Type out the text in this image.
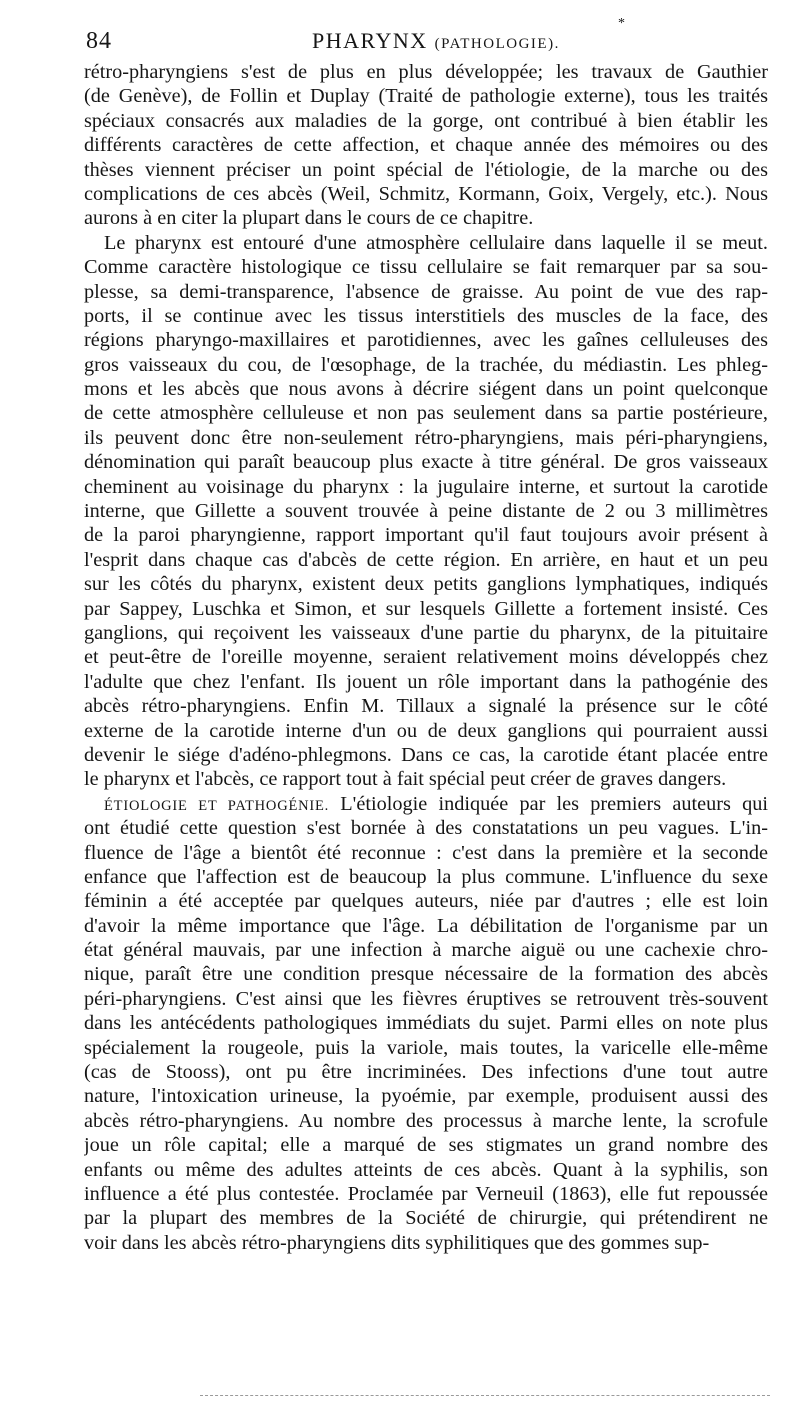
84	PHARYNX (PATHOLOGIE).
*
rétro-pharyngiens s'est de plus en plus développée; les travaux de Gauthier
(de Genève), de Follin et Duplay (Traité de pathologie externe), tous les traités
spéciaux consacrés aux maladies de la gorge, ont contribué à bien établir les
différents caractères de cette affection, et chaque année des mémoires ou des
thèses viennent préciser un point spécial de l'étiologie, de la marche ou des
complications de ces abcès (Weil, Schmitz, Kormann, Goix, Vergely, etc.). Nous
aurons à en citer la plupart dans le cours de ce chapitre.
Le pharynx est entouré d'une atmosphère cellulaire dans laquelle il se meut.
Comme caractère histologique ce tissu cellulaire se fait remarquer par sa sou-
plesse, sa demi-transparence, l'absence de graisse. Au point de vue des rap-
ports, il se continue avec les tissus interstitiels des muscles de la face, des
régions pharyngo-maxillaires et parotidiennes, avec les gaînes celluleuses des
gros vaisseaux du cou, de l'œsophage, de la trachée, du médiastin. Les phleg-
mons et les abcès que nous avons à décrire siégent dans un point quelconque
de cette atmosphère celluleuse et non pas seulement dans sa partie postérieure,
ils peuvent donc être non-seulement rétro-pharyngiens, mais péri-pharyngiens,
dénomination qui paraît beaucoup plus exacte à titre général. De gros vaisseaux
cheminent au voisinage du pharynx : la jugulaire interne, et surtout la carotide
interne, que Gillette a souvent trouvée à peine distante de 2 ou 3 millimètres
de la paroi pharyngienne, rapport important qu'il faut toujours avoir présent à
l'esprit dans chaque cas d'abcès de cette région. En arrière, en haut et un peu
sur les côtés du pharynx, existent deux petits ganglions lymphatiques, indiqués
par Sappey, Luschka et Simon, et sur lesquels Gillette a fortement insisté. Ces
ganglions, qui reçoivent les vaisseaux d'une partie du pharynx, de la pituitaire
et peut-être de l'oreille moyenne, seraient relativement moins développés chez
l'adulte que chez l'enfant. Ils jouent un rôle important dans la pathogénie des
abcès rétro-pharyngiens. Enfin M. Tillaux a signalé la présence sur le côté
externe de la carotide interne d'un ou de deux ganglions qui pourraient aussi
devenir le siége d'adéno-phlegmons. Dans ce cas, la carotide étant placée entre
le pharynx et l'abcès, ce rapport tout à fait spécial peut créer de graves dangers.
ÉTIOLOGIE ET PATHOGÉNIE. L'étiologie indiquée par les premiers auteurs qui
ont étudié cette question s'est bornée à des constatations un peu vagues. L'in-
fluence de l'âge a bientôt été reconnue : c'est dans la première et la seconde
enfance que l'affection est de beaucoup la plus commune. L'influence du sexe
féminin a été acceptée par quelques auteurs, niée par d'autres ; elle est loin
d'avoir la même importance que l'âge. La débilitation de l'organisme par un
état général mauvais, par une infection à marche aiguë ou une cachexie chro-
nique, paraît être une condition presque nécessaire de la formation des abcès
péri-pharyngiens. C'est ainsi que les fièvres éruptives se retrouvent très-souvent
dans les antécédents pathologiques immédiats du sujet. Parmi elles on note plus
spécialement la rougeole, puis la variole, mais toutes, la varicelle elle-même
(cas de Stooss), ont pu être incriminées. Des infections d'une tout autre
nature, l'intoxication urineuse, la pyoémie, par exemple, produisent aussi des
abcès rétro-pharyngiens. Au nombre des processus à marche lente, la scrofule
joue un rôle capital; elle a marqué de ses stigmates un grand nombre des
enfants ou même des adultes atteints de ces abcès. Quant à la syphilis, son
influence a été plus contestée. Proclamée par Verneuil (1863), elle fut repoussée
par la plupart des membres de la Société de chirurgie, qui prétendirent ne
voir dans les abcès rétro-pharyngiens dits syphilitiques que des gommes sup-
